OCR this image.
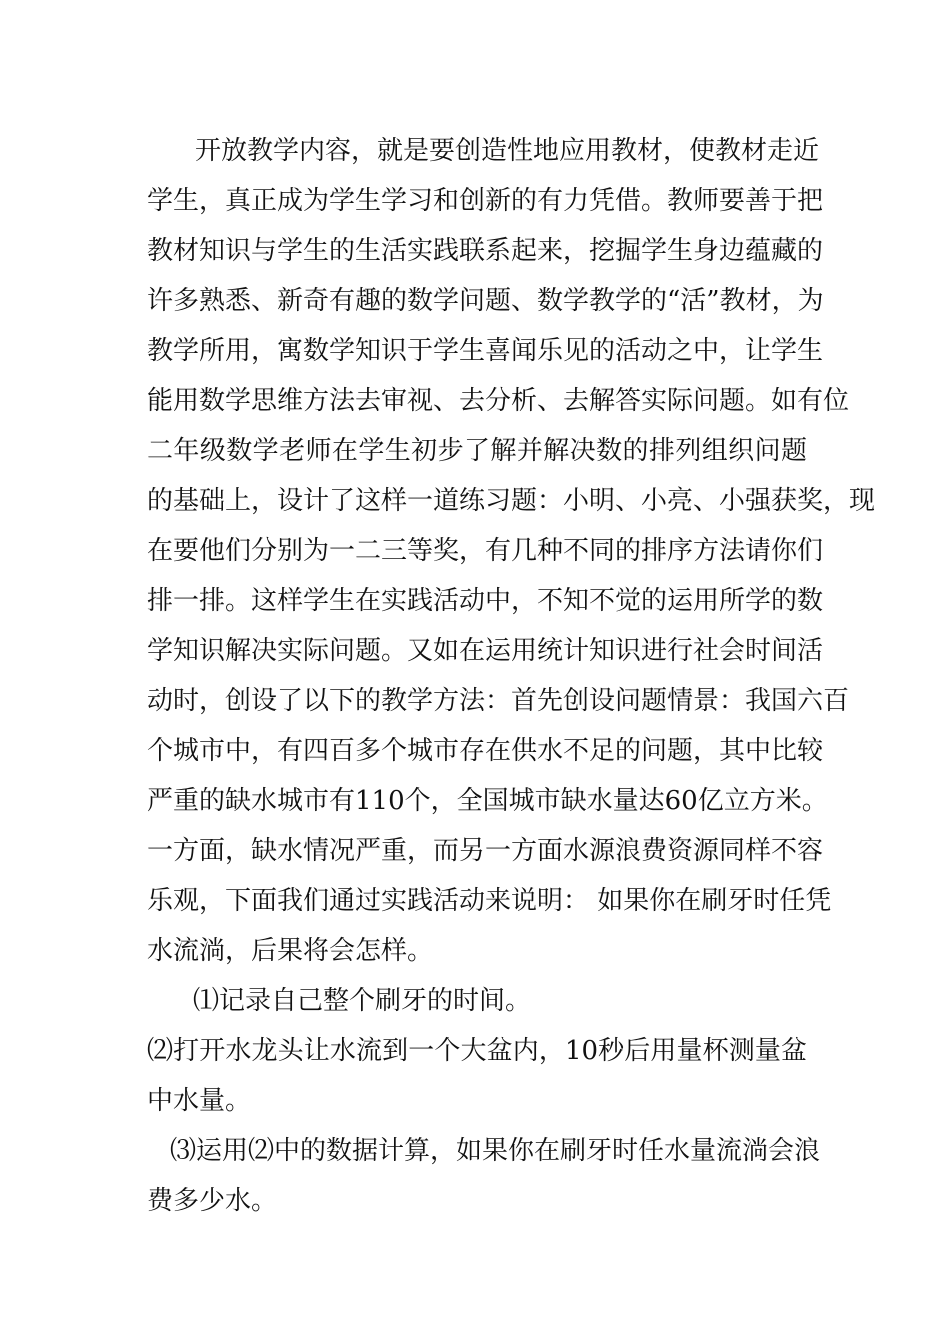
开放教学内容，就是要创造性地应用教材，使教材走近
学生，真正成为学生学习和创新的有力凭借。教师要善于把
教材知识与学生的生活实践联系起来，挖掘学生身边蕴藏的
许多熟悉、新奇有趣的数学问题、数学教学的“活”教材，为
教学所用，寓数学知识于学生喜闻乐见的活动之中，让学生
能用数学思维方法去审视、去分析、去解答实际问题。如有位
二年级数学老师在学生初步了解并解决数的排列组织问题
的基础上，设计了这样一道练习题：小明、小亮、小强获奖，现
在要他们分别为一二三等奖，有几种不同的排序方法请你们
排一排。这样学生在实践活动中，不知不觉的运用所学的数
学知识解决实际问题。又如在运用统计知识进行社会时间活
动时，创设了以下的教学方法：首先创设问题情景：我国六百
个城市中，有四百多个城市存在供水不足的问题，其中比较
严重的缺水城市有110个，全国城市缺水量达60亿立方米。
一方面，缺水情况严重，而另一方面水源浪费资源同样不容
乐观，下面我们通过实践活动来说明： 如果你在刷牙时任凭
水流淌，后果将会怎样。
⑴记录自己整个刷牙的时间。
⑵打开水龙头让水流到一个大盆内，10秒后用量杯测量盆
中水量。
⑶运用⑵中的数据计算，如果你在刷牙时任水量流淌会浪
费多少水。
